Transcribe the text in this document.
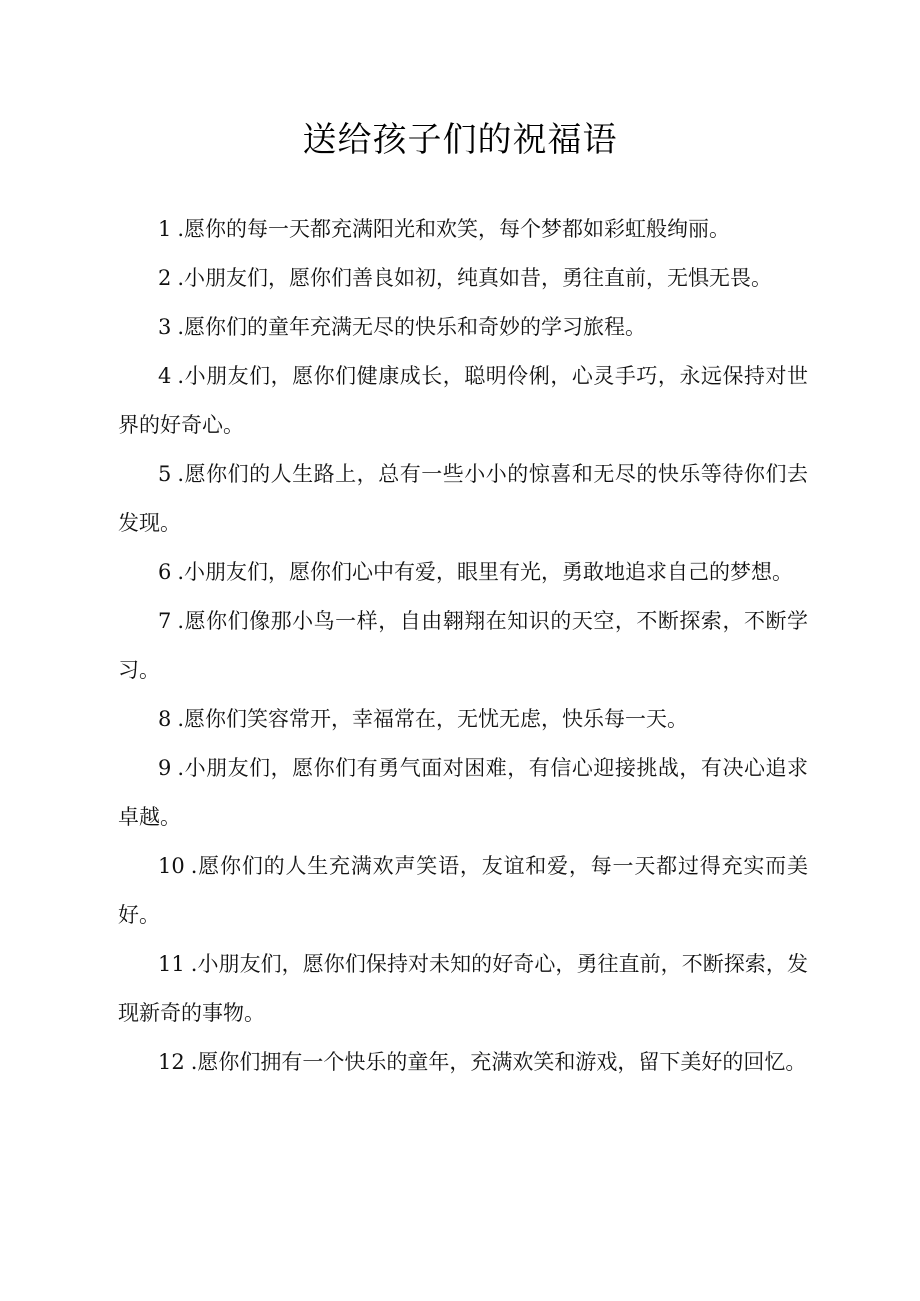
送给孩子们的祝福语

1 .愿你的每一天都充满阳光和欢笑，每个梦都如彩虹般绚丽。

2 .小朋友们，愿你们善良如初，纯真如昔，勇往直前，无惧无畏。

3 .愿你们的童年充满无尽的快乐和奇妙的学习旅程。

4 .小朋友们，愿你们健康成长，聪明伶俐，心灵手巧，永远保持对世界的好奇心。

5 .愿你们的人生路上，总有一些小小的惊喜和无尽的快乐等待你们去发现。

6 .小朋友们，愿你们心中有爱，眼里有光，勇敢地追求自己的梦想。

7 .愿你们像那小鸟一样，自由翱翔在知识的天空，不断探索，不断学习。

8 .愿你们笑容常开，幸福常在，无忧无虑，快乐每一天。

9 .小朋友们，愿你们有勇气面对困难，有信心迎接挑战，有决心追求卓越。

10 .愿你们的人生充满欢声笑语，友谊和爱，每一天都过得充实而美好。

11 .小朋友们，愿你们保持对未知的好奇心，勇往直前，不断探索，发现新奇的事物。

12 .愿你们拥有一个快乐的童年，充满欢笑和游戏，留下美好的回忆。
